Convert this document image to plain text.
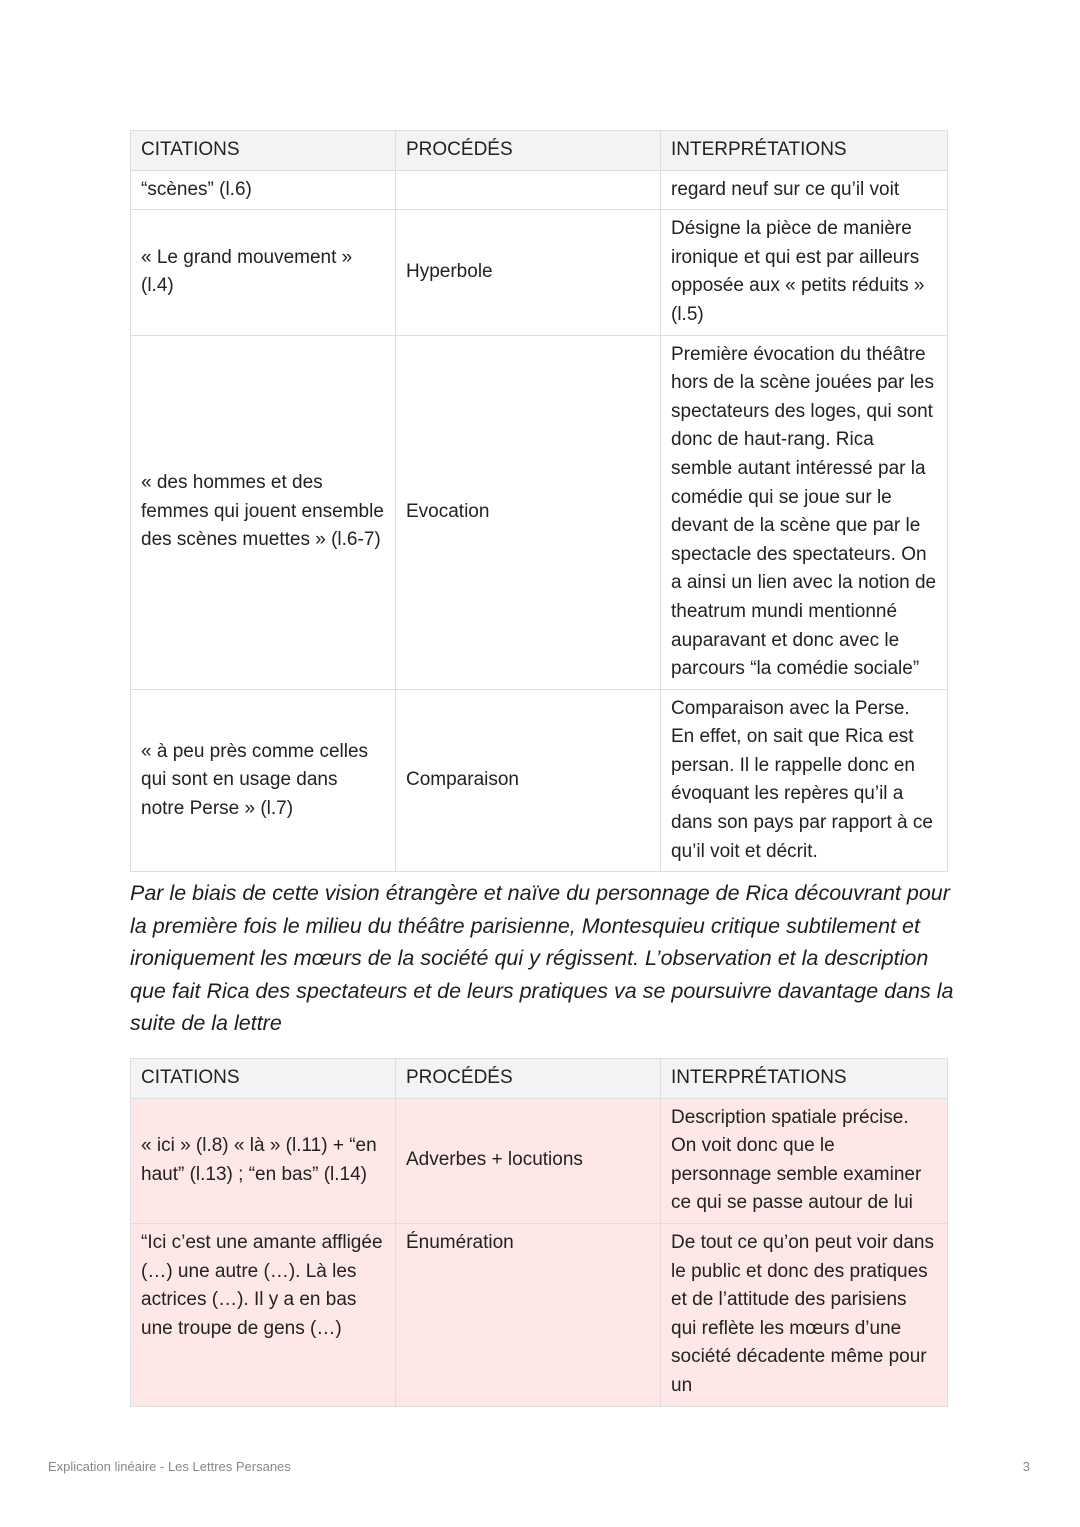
CITATIONS	PROCÉDÉS	INTERPRÉTATIONS
“scènes” (l.6)		regard neuf sur ce qu’il voit
« Le grand mouvement » (l.4)	Hyperbole	Désigne la pièce de manière ironique et qui est par ailleurs opposée aux « petits réduits » (l.5)
« des hommes et des femmes qui jouent ensemble des scènes muettes » (l.6-7)	Evocation	Première évocation du théâtre hors de la scène jouées par les spectateurs des loges, qui sont donc de haut-rang. Rica semble autant intéressé par la comédie qui se joue sur le devant de la scène que par le spectacle des spectateurs. On a ainsi un lien avec la notion de theatrum mundi mentionné auparavant et donc avec le parcours “la comédie sociale”
« à peu près comme celles qui sont en usage dans notre Perse » (l.7)	Comparaison	Comparaison avec la Perse. En effet, on sait que Rica est persan. Il le rappelle donc en évoquant les repères qu’il a dans son pays par rapport à ce qu’il voit et décrit.

Par le biais de cette vision étrangère et naïve du personnage de Rica découvrant pour la première fois le milieu du théâtre parisienne, Montesquieu critique subtilement et ironiquement les mœurs de la société qui y régissent. L’observation et la description que fait Rica des spectateurs et de leurs pratiques va se poursuivre davantage dans la suite de la lettre

CITATIONS	PROCÉDÉS	INTERPRÉTATIONS
« ici » (l.8) « là » (l.11) + “en haut” (l.13) ; “en bas” (l.14)	Adverbes + locutions	Description spatiale précise. On voit donc que le personnage semble examiner ce qui se passe autour de lui
“Ici c’est une amante affligée (…) une autre (…). Là les actrices (…). Il y a en bas une troupe de gens (…)	Énumération	De tout ce qu’on peut voir dans le public et donc des pratiques et de l’attitude des parisiens qui reflète les mœurs d’une société décadente même pour un
Explication linéaire - Les Lettres Persanes	3
